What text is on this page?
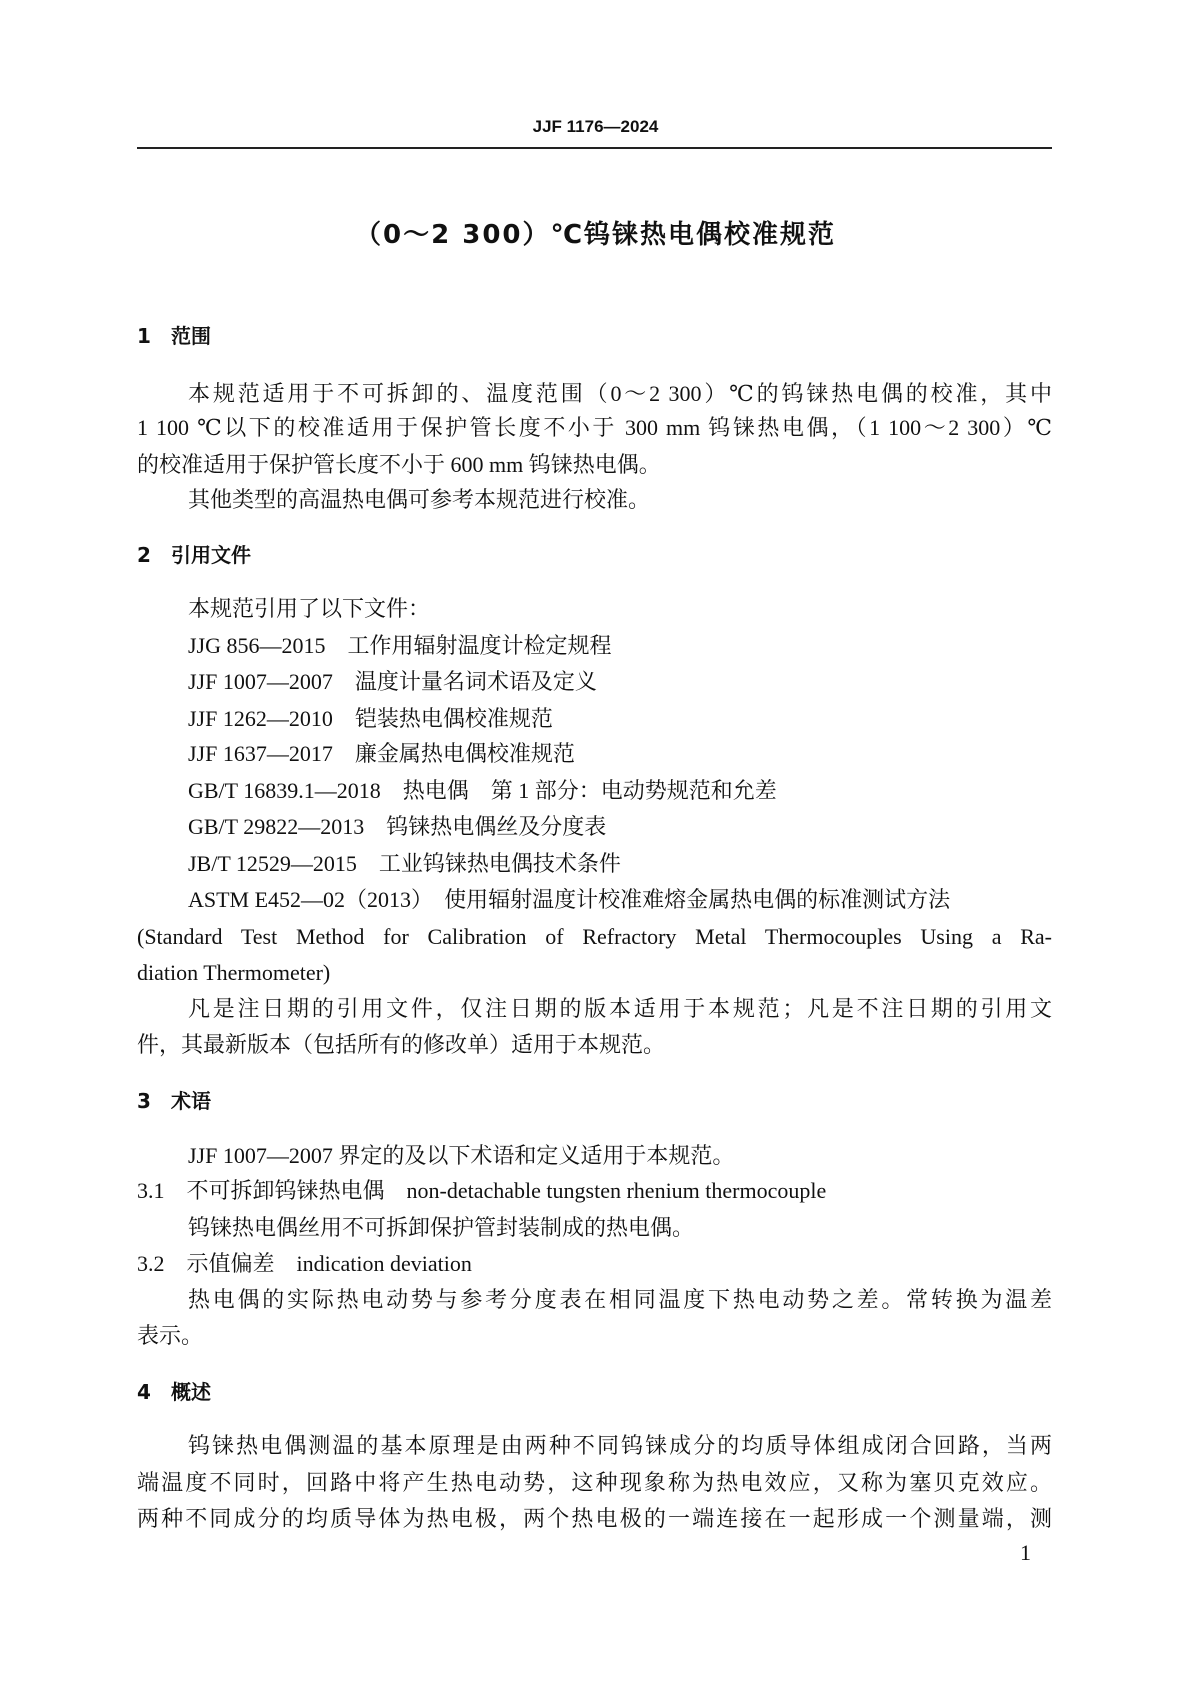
JJF 1176—2024
（0～2 300）℃钨铼热电偶校准规范
1 范围
本规范适用于不可拆卸的、温度范围（0～2 300）℃的钨铼热电偶的校准，其中
1 100 ℃以下的校准适用于保护管长度不小于 300 mm 钨铼热电偶，（1 100～2 300）℃
的校准适用于保护管长度不小于 600 mm 钨铼热电偶。
其他类型的高温热电偶可参考本规范进行校准。
2 引用文件
本规范引用了以下文件：
JJG 856—2015　 工作用辐射温度计检定规程
JJF 1007—2007　 温度计量名词术语及定义
JJF 1262—2010　 铠装热电偶校准规范
JJF 1637—2017　 廉金属热电偶校准规范
GB/T 16839.1—2018　 热电偶　第 1 部分：电动势规范和允差
GB/T 29822—2013　 钨铼热电偶丝及分度表
JB/T 12529—2015　 工业钨铼热电偶技术条件
ASTM E452—02（2013）　 使用辐射温度计校准难熔金属热电偶的标准测试方法
(Standard Test Method for Calibration of Refractory Metal Thermocouples Using a Ra-
diation Thermometer)
凡是注日期的引用文件，仅注日期的版本适用于本规范；凡是不注日期的引用文
件，其最新版本（包括所有的修改单）适用于本规范。
3 术语
JJF 1007—2007 界定的及以下术语和定义适用于本规范。
3.1　 不可拆卸钨铼热电偶　 non-detachable tungsten rhenium thermocouple
钨铼热电偶丝用不可拆卸保护管封装制成的热电偶。
3.2　 示值偏差　 indication deviation
热电偶的实际热电动势与参考分度表在相同温度下热电动势之差。常转换为温差
表示。
4 概述
钨铼热电偶测温的基本原理是由两种不同钨铼成分的均质导体组成闭合回路，当两
端温度不同时，回路中将产生热电动势，这种现象称为热电效应，又称为塞贝克效应。
两种不同成分的均质导体为热电极，两个热电极的一端连接在一起形成一个测量端，测
1
